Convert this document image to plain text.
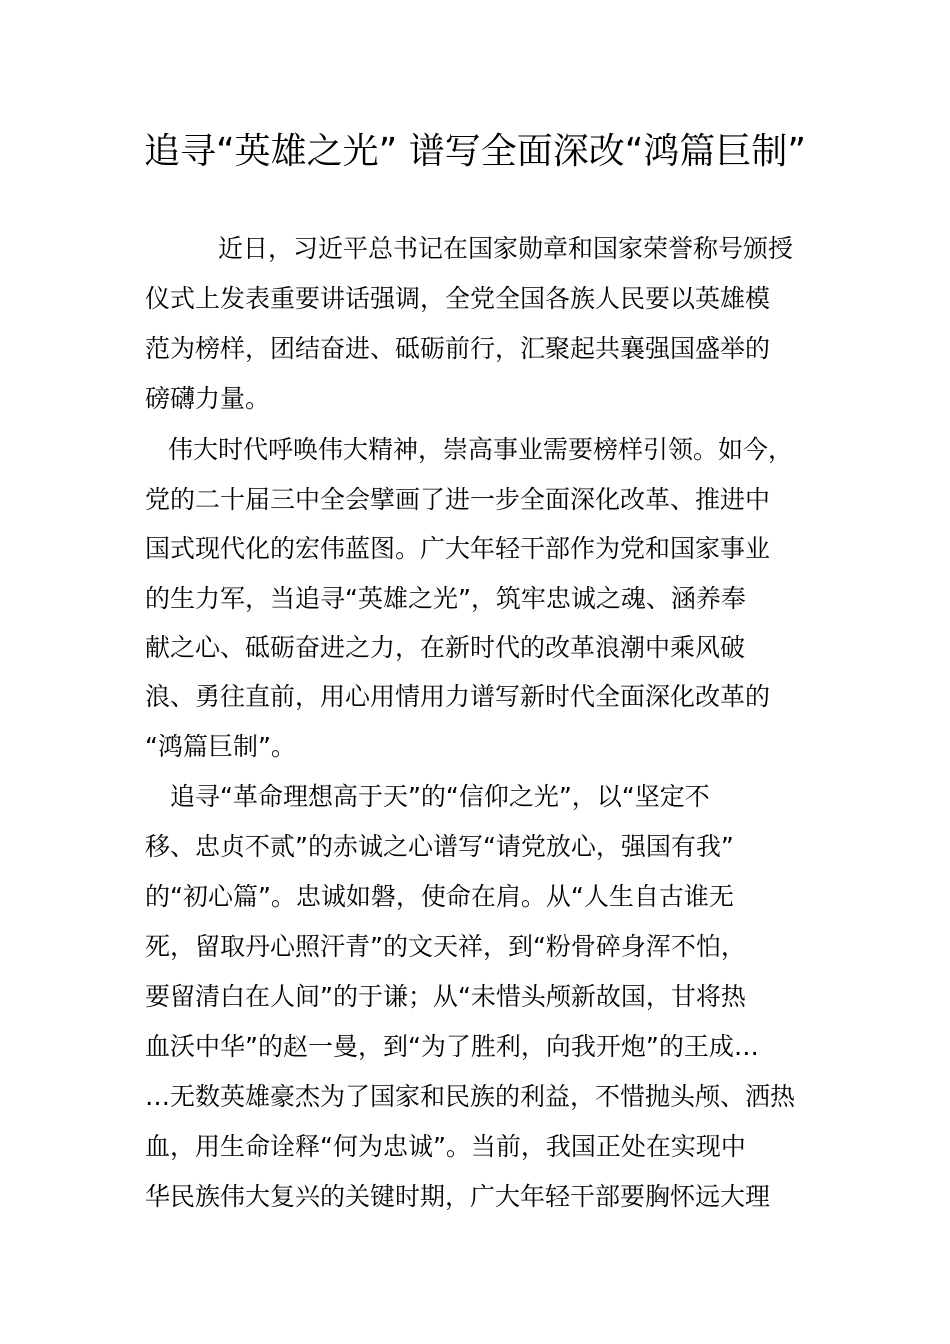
追寻“英雄之光” 谱写全面深改“鸿篇巨制”
近日，习近平总书记在国家勋章和国家荣誉称号颁授
仪式上发表重要讲话强调，全党全国各族人民要以英雄模
范为榜样，团结奋进、砥砺前行，汇聚起共襄强国盛举的
磅礴力量。
伟大时代呼唤伟大精神，崇高事业需要榜样引领。如今，
党的二十届三中全会擘画了进一步全面深化改革、推进中
国式现代化的宏伟蓝图。广大年轻干部作为党和国家事业
的生力军，当追寻“英雄之光”，筑牢忠诚之魂、涵养奉
献之心、砥砺奋进之力，在新时代的改革浪潮中乘风破
浪、勇往直前，用心用情用力谱写新时代全面深化改革的
“鸿篇巨制”。
追寻“革命理想高于天”的“信仰之光”，以“坚定不
移、忠贞不贰”的赤诚之心谱写“请党放心，强国有我”
的“初心篇”。忠诚如磐，使命在肩。从“人生自古谁无
死，留取丹心照汗青”的文天祥，到“粉骨碎身浑不怕，
要留清白在人间”的于谦；从“未惜头颅新故国，甘将热
血沃中华”的赵一曼，到“为了胜利，向我开炮”的王成…
…无数英雄豪杰为了国家和民族的利益，不惜抛头颅、洒热
血，用生命诠释“何为忠诚”。当前，我国正处在实现中
华民族伟大复兴的关键时期，广大年轻干部要胸怀远大理
